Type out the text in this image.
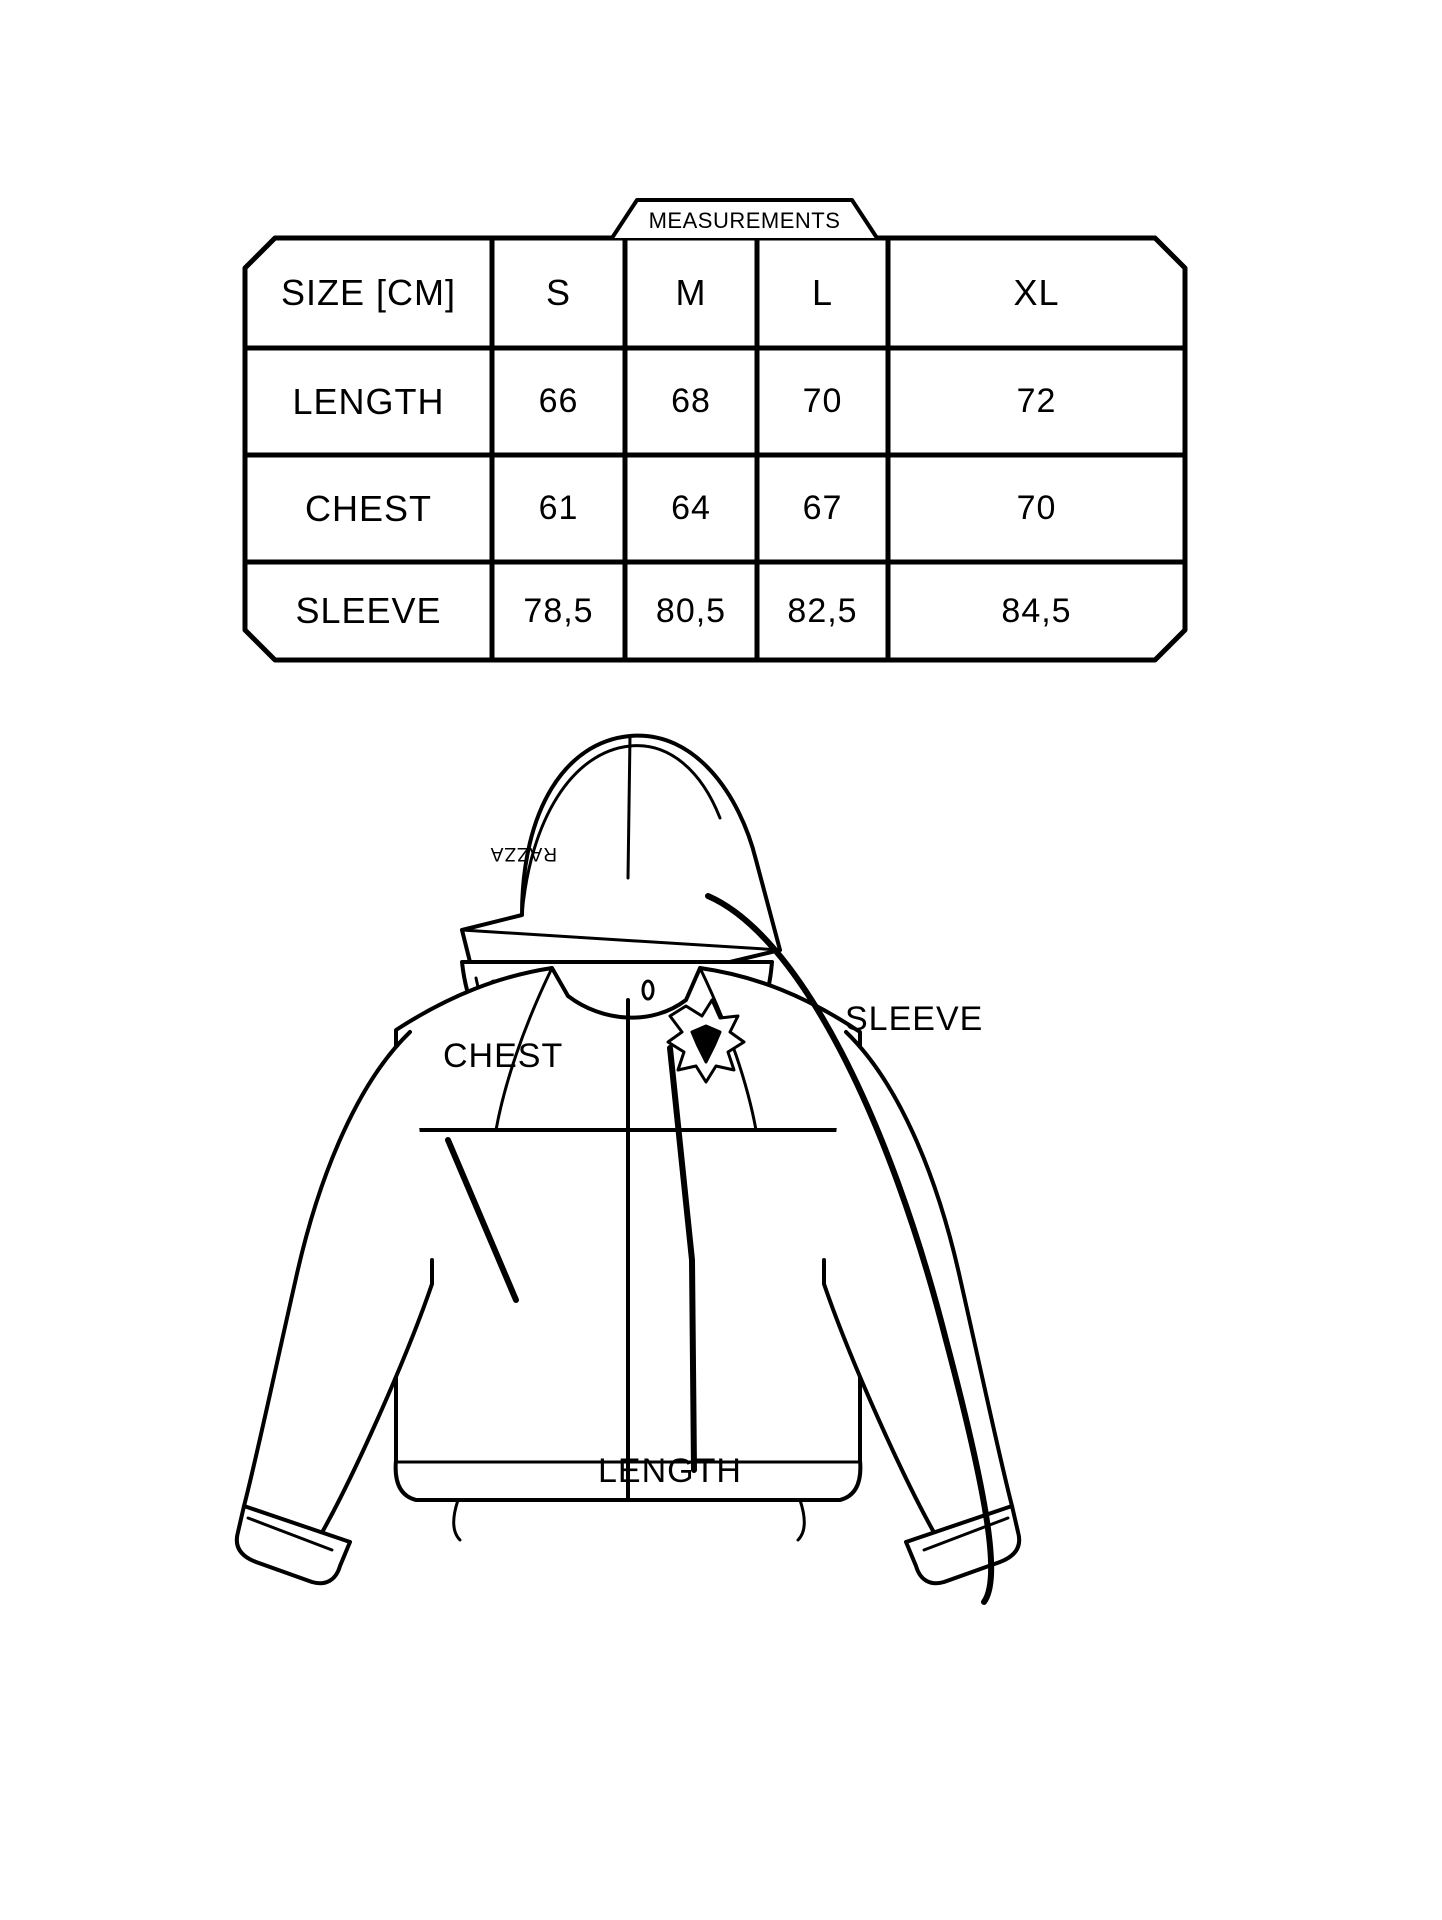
MEASUREMENTS
SIZE [CM]	S	M	L	XL
LENGTH	66	68	70	72
CHEST	61	64	67	70
SLEEVE	78,5	80,5	82,5	84,5
RAZZA
CHEST
SLEEVE
LENGTH
